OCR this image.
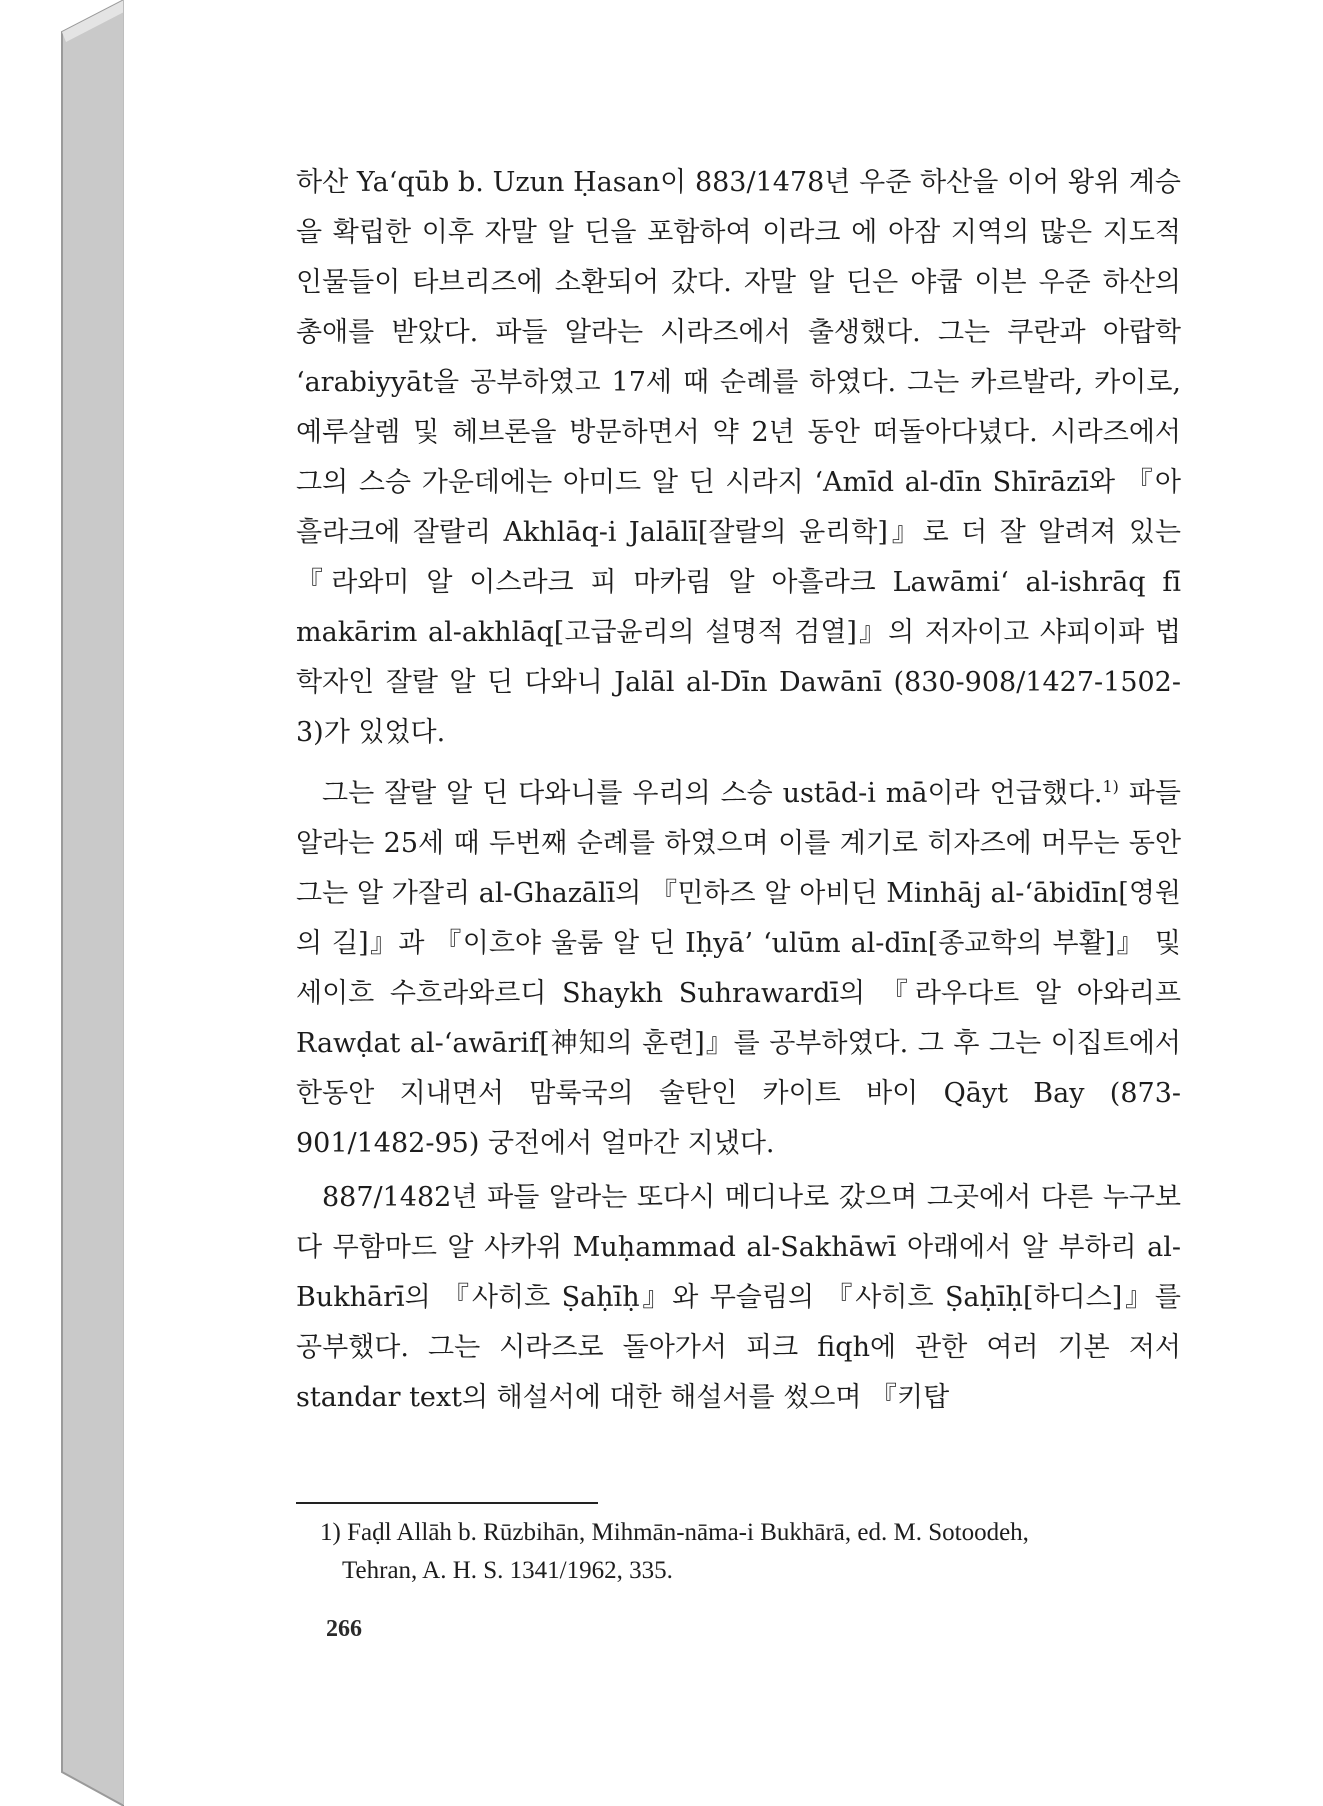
하산 Ya‘qūb b. Uzun Ḥasan이 883/1478년 우준 하산을 이어 왕위 계승을 확립한 이후 자말 알 딘을 포함하여 이라크 에 아잠 지역의 많은 지도적 인물들이 타브리즈에 소환되어 갔다. 자말 알 딘은 야쿱 이븐 우준 하산의 총애를 받았다. 파들 알라는 시라즈에서 출생했다. 그는 쿠란과 아랍학 ‘arabiyyāt을 공부하였고 17세 때 순례를 하였다. 그는 카르발라, 카이로, 예루살렘 및 헤브론을 방문하면서 약 2년 동안 떠돌아다녔다. 시라즈에서 그의 스승 가운데에는 아미드 알 딘 시라지 ‘Amīd al-dīn Shīrāzī와 『아흘라크에 잘랄리 Akhlāq-i Jalālī[잘랄의 윤리학]』로 더 잘 알려져 있는 『라와미 알 이스라크 피 마카림 알 아흘라크 Lawāmi‘ al-ishrāq fī makārim al-akhlāq[고급윤리의 설명적 검열]』의 저자이고 샤피이파 법학자인 잘랄 알 딘 다와니 Jalāl al-Dīn Dawānī (830-908/1427-1502-3)가 있었다.

그는 잘랄 알 딘 다와니를 우리의 스승 ustād-i mā이라 언급했다.$^{1)}$ 파들 알라는 25세 때 두번째 순례를 하였으며 이를 계기로 히자즈에 머무는 동안 그는 알 가잘리 al-Ghazālī의 『민하즈 알 아비딘 Minhāj al-‘ābidīn[영원의 길]』과 『이흐야 울룸 알 딘 Iḥyā’ ‘ulūm al-dīn[종교학의 부활]』 및 세이흐 수흐라와르디 Shaykh Suhrawardī의 『라우다트 알 아와리프 Rawḍat al-‘awārif[神知의 훈련]』를 공부하였다. 그 후 그는 이집트에서 한동안 지내면서 맘룩국의 술탄인 카이트 바이 Qāyt Bay (873-901/1482-95) 궁전에서 얼마간 지냈다.

887/1482년 파들 알라는 또다시 메디나로 갔으며 그곳에서 다른 누구보다 무함마드 알 사카위 Muḥammad al-Sakhāwī 아래에서 알 부하리 al-Bukhārī의 『사히흐 Ṣaḥīḥ』와 무슬림의 『사히흐 Ṣaḥīḥ[하디스]』를 공부했다. 그는 시라즈로 돌아가서 피크 fiqh에 관한 여러 기본 저서 standar text의 해설서에 대한 해설서를 썼으며 『키탑

1) Faḍl Allāh b. Rūzbihān, Mihmān-nāma-i Bukhārā, ed. M. Sotoodeh,
Tehran, A. H. S. 1341/1962, 335.
266
